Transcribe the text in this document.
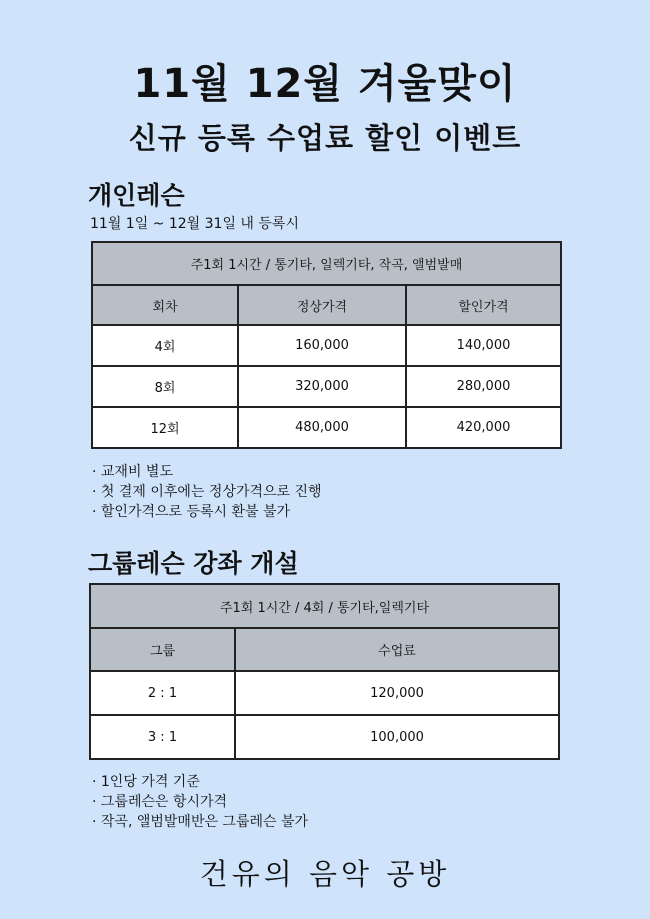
11월 12월 겨울맞이
신규 등록 수업료 할인 이벤트
개인레슨
11월 1일 ~ 12월 31일 내 등록시
주1회 1시간 / 통기타, 일렉기타, 작곡, 앨범발매		
회차	정상가격	할인가격
4회	160,000	140,000
8회	320,000	280,000
12회	480,000	420,000
· 교재비 별도
· 첫 결제 이후에는 정상가격으로 진행
· 할인가격으로 등록시 환불 불가
그룹레슨 강좌 개설
주1회 1시간 / 4회 / 통기타,일렉기타	
그룹	수업료
2 : 1	120,000
3 : 1	100,000
· 1인당 가격 기준
· 그룹레슨은 항시가격
· 작곡, 앨범발매반은 그룹레슨 불가
건유의 음악 공방
